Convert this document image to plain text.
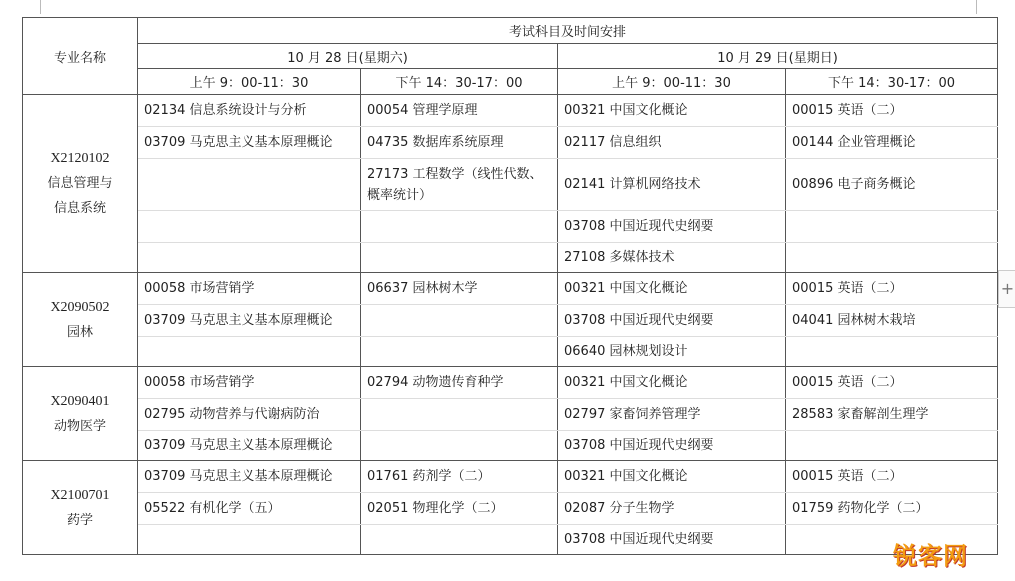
专业名称	考试科目及时间安排			
	10 月 28 日(星期六)		10 月 29 日(星期日)	
	上午 9：00-11：30	下午 14：30-17：00	上午 9：00-11：30	下午 14：30-17：00

X2120102
信息管理与信息系统	02134 信息系统设计与分析	00054 管理学原理	00321 中国文化概论	00015 英语（二）
	03709 马克思主义基本原理概论	04735 数据库系统原理	02117 信息组织	00144 企业管理概论
		27173 工程数学（线性代数、概率统计）	02141 计算机网络技术	00896 电子商务概论
			03708 中国近现代史纲要	
			27108 多媒体技术	

X2090502
园林	00058 市场营销学	06637 园林树木学	00321 中国文化概论	00015 英语（二）
	03709 马克思主义基本原理概论		03708 中国近现代史纲要	04041 园林树木栽培
			06640 园林规划设计	

X2090401
动物医学	00058 市场营销学	02794 动物遗传育种学	00321 中国文化概论	00015 英语（二）
	02795 动物营养与代谢病防治		02797 家畜饲养管理学	28583 家畜解剖生理学
	03709 马克思主义基本原理概论		03708 中国近现代史纲要	

X2100701
药学	03709 马克思主义基本原理概论	01761 药剂学（二）	00321 中国文化概论	00015 英语（二）
	05522 有机化学（五）	02051 物理化学（二）	02087 分子生物学	01759 药物化学（二）
			03708 中国近现代史纲要	
+
锐客网
